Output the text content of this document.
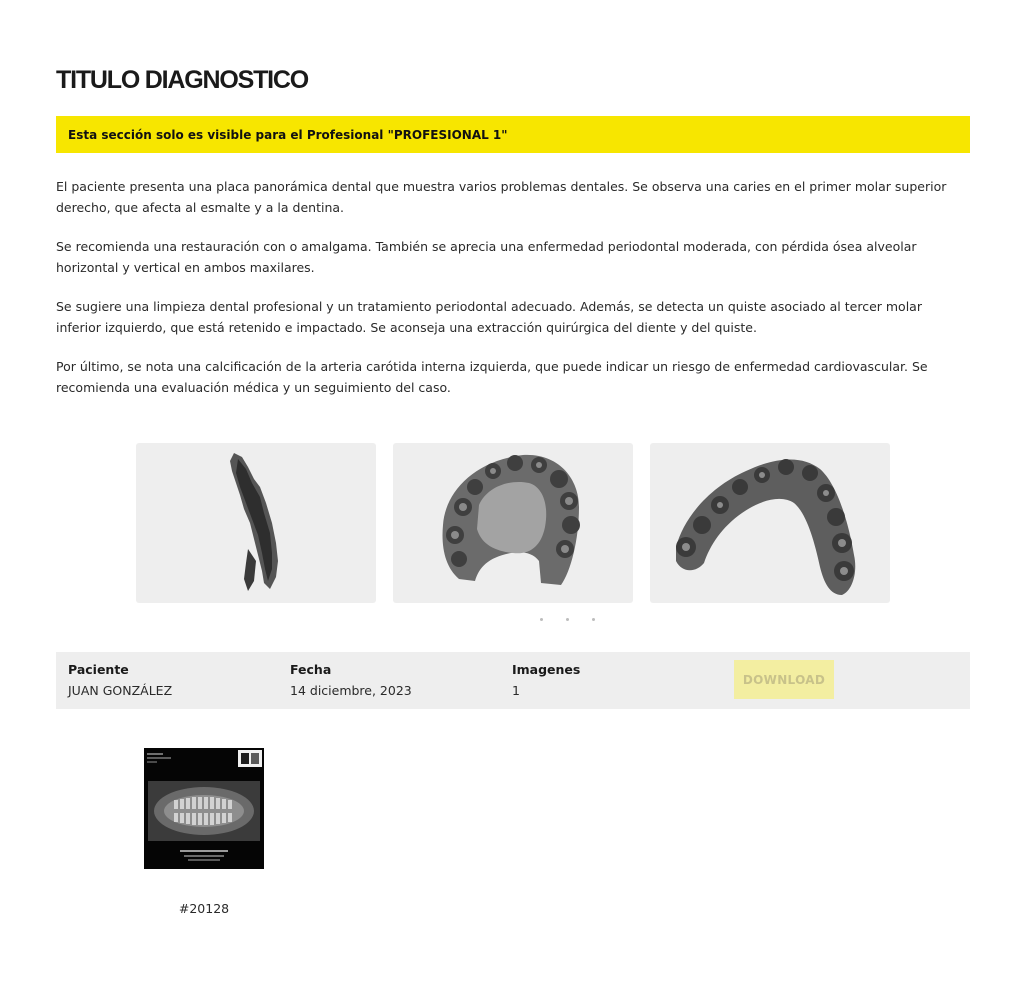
TITULO DIAGNOSTICO
Esta sección solo es visible para el Profesional "PROFESIONAL 1"

El paciente presenta una placa panorámica dental que muestra varios problemas dentales. Se observa una caries en el primer molar superior derecho, que afecta al esmalte y a la dentina.

Se recomienda una restauración con o amalgama. También se aprecia una enfermedad periodontal moderada, con pérdida ósea alveolar horizontal y vertical en ambos maxilares.

Se sugiere una limpieza dental profesional y un tratamiento periodontal adecuado. Además, se detecta un quiste asociado al tercer molar inferior izquierdo, que está retenido e impactado. Se aconseja una extracción quirúrgica del diente y del quiste.

Por último, se nota una calcificación de la arteria carótida interna izquierda, que puede indicar un riesgo de enfermedad cardiovascular. Se recomienda una evaluación médica y un seguimiento del caso.

Paciente
JUAN GONZÁLEZ
Fecha
14 diciembre, 2023
Imagenes
1
DOWNLOAD
#20128
